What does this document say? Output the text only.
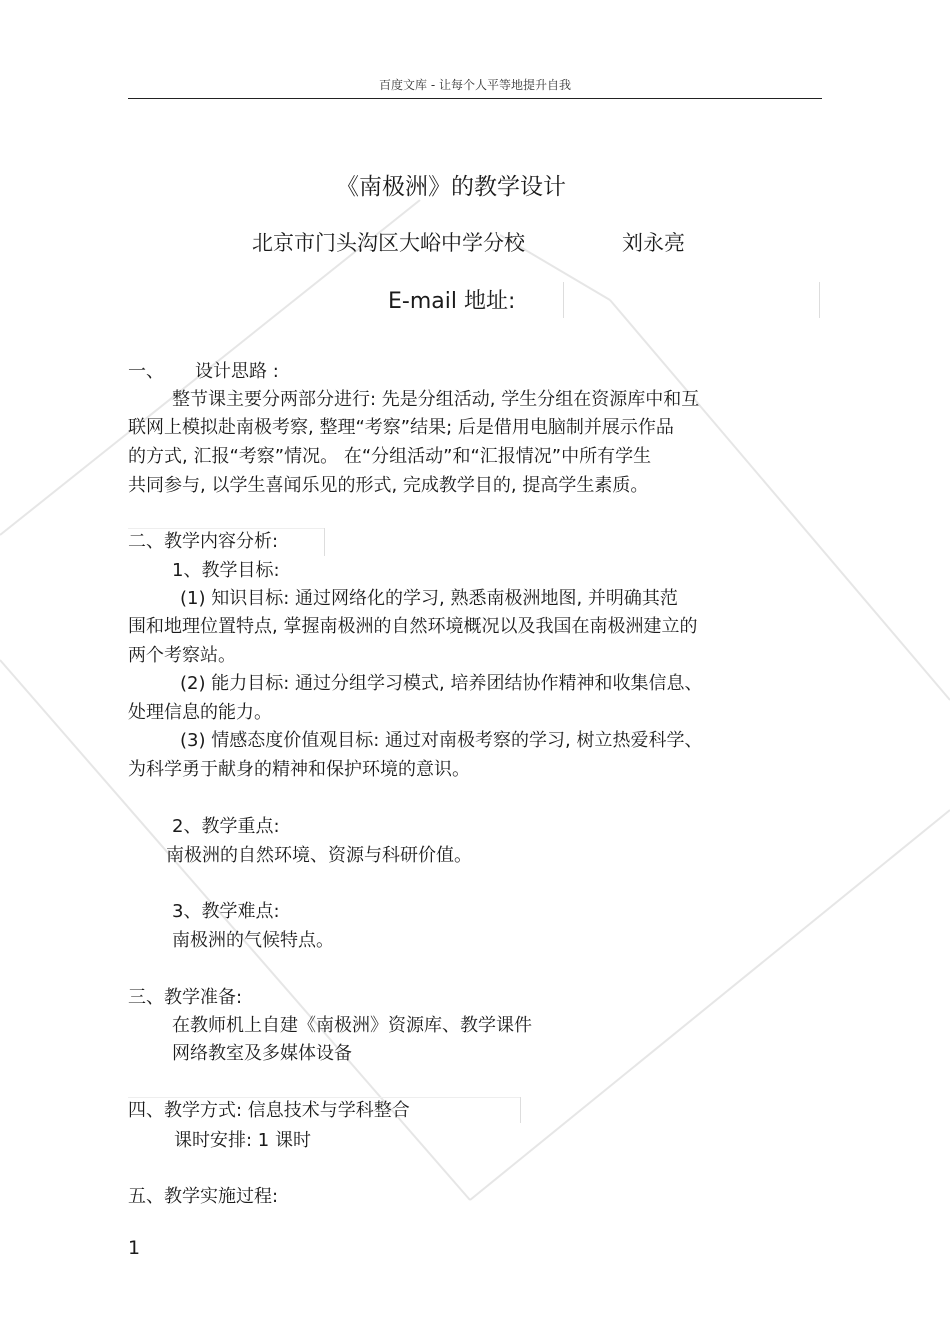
百度文库 - 让每个人平等地提升自我
《南极洲》的教学设计
北京市门头沟区大峪中学分校	刘永亮
E-mail 地址:
一、 设计思路 :
整节课主要分两部分进行: 先是分组活动, 学生分组在资源库中和互
联网上模拟赴南极考察, 整理“考察”结果; 后是借用电脑制并展示作品
的方式, 汇报“考察”情况。 在“分组活动”和“汇报情况”中所有学生
共同参与, 以学生喜闻乐见的形式, 完成教学目的, 提高学生素质。
二、教学内容分析:
1、教学目标:
(1) 知识目标: 通过网络化的学习, 熟悉南极洲地图, 并明确其范
围和地理位置特点, 掌握南极洲的自然环境概况以及我国在南极洲建立的
两个考察站。
(2) 能力目标: 通过分组学习模式, 培养团结协作精神和收集信息、
处理信息的能力。
(3) 情感态度价值观目标: 通过对南极考察的学习, 树立热爱科学、
为科学勇于献身的精神和保护环境的意识。
2、教学重点:
南极洲的自然环境、资源与科研价值。
3、教学难点:
南极洲的气候特点。
三、教学准备:
在教师机上自建《南极洲》资源库、教学课件
网络教室及多媒体设备
四、教学方式: 信息技术与学科整合
课时安排: 1 课时
五、教学实施过程:
1
